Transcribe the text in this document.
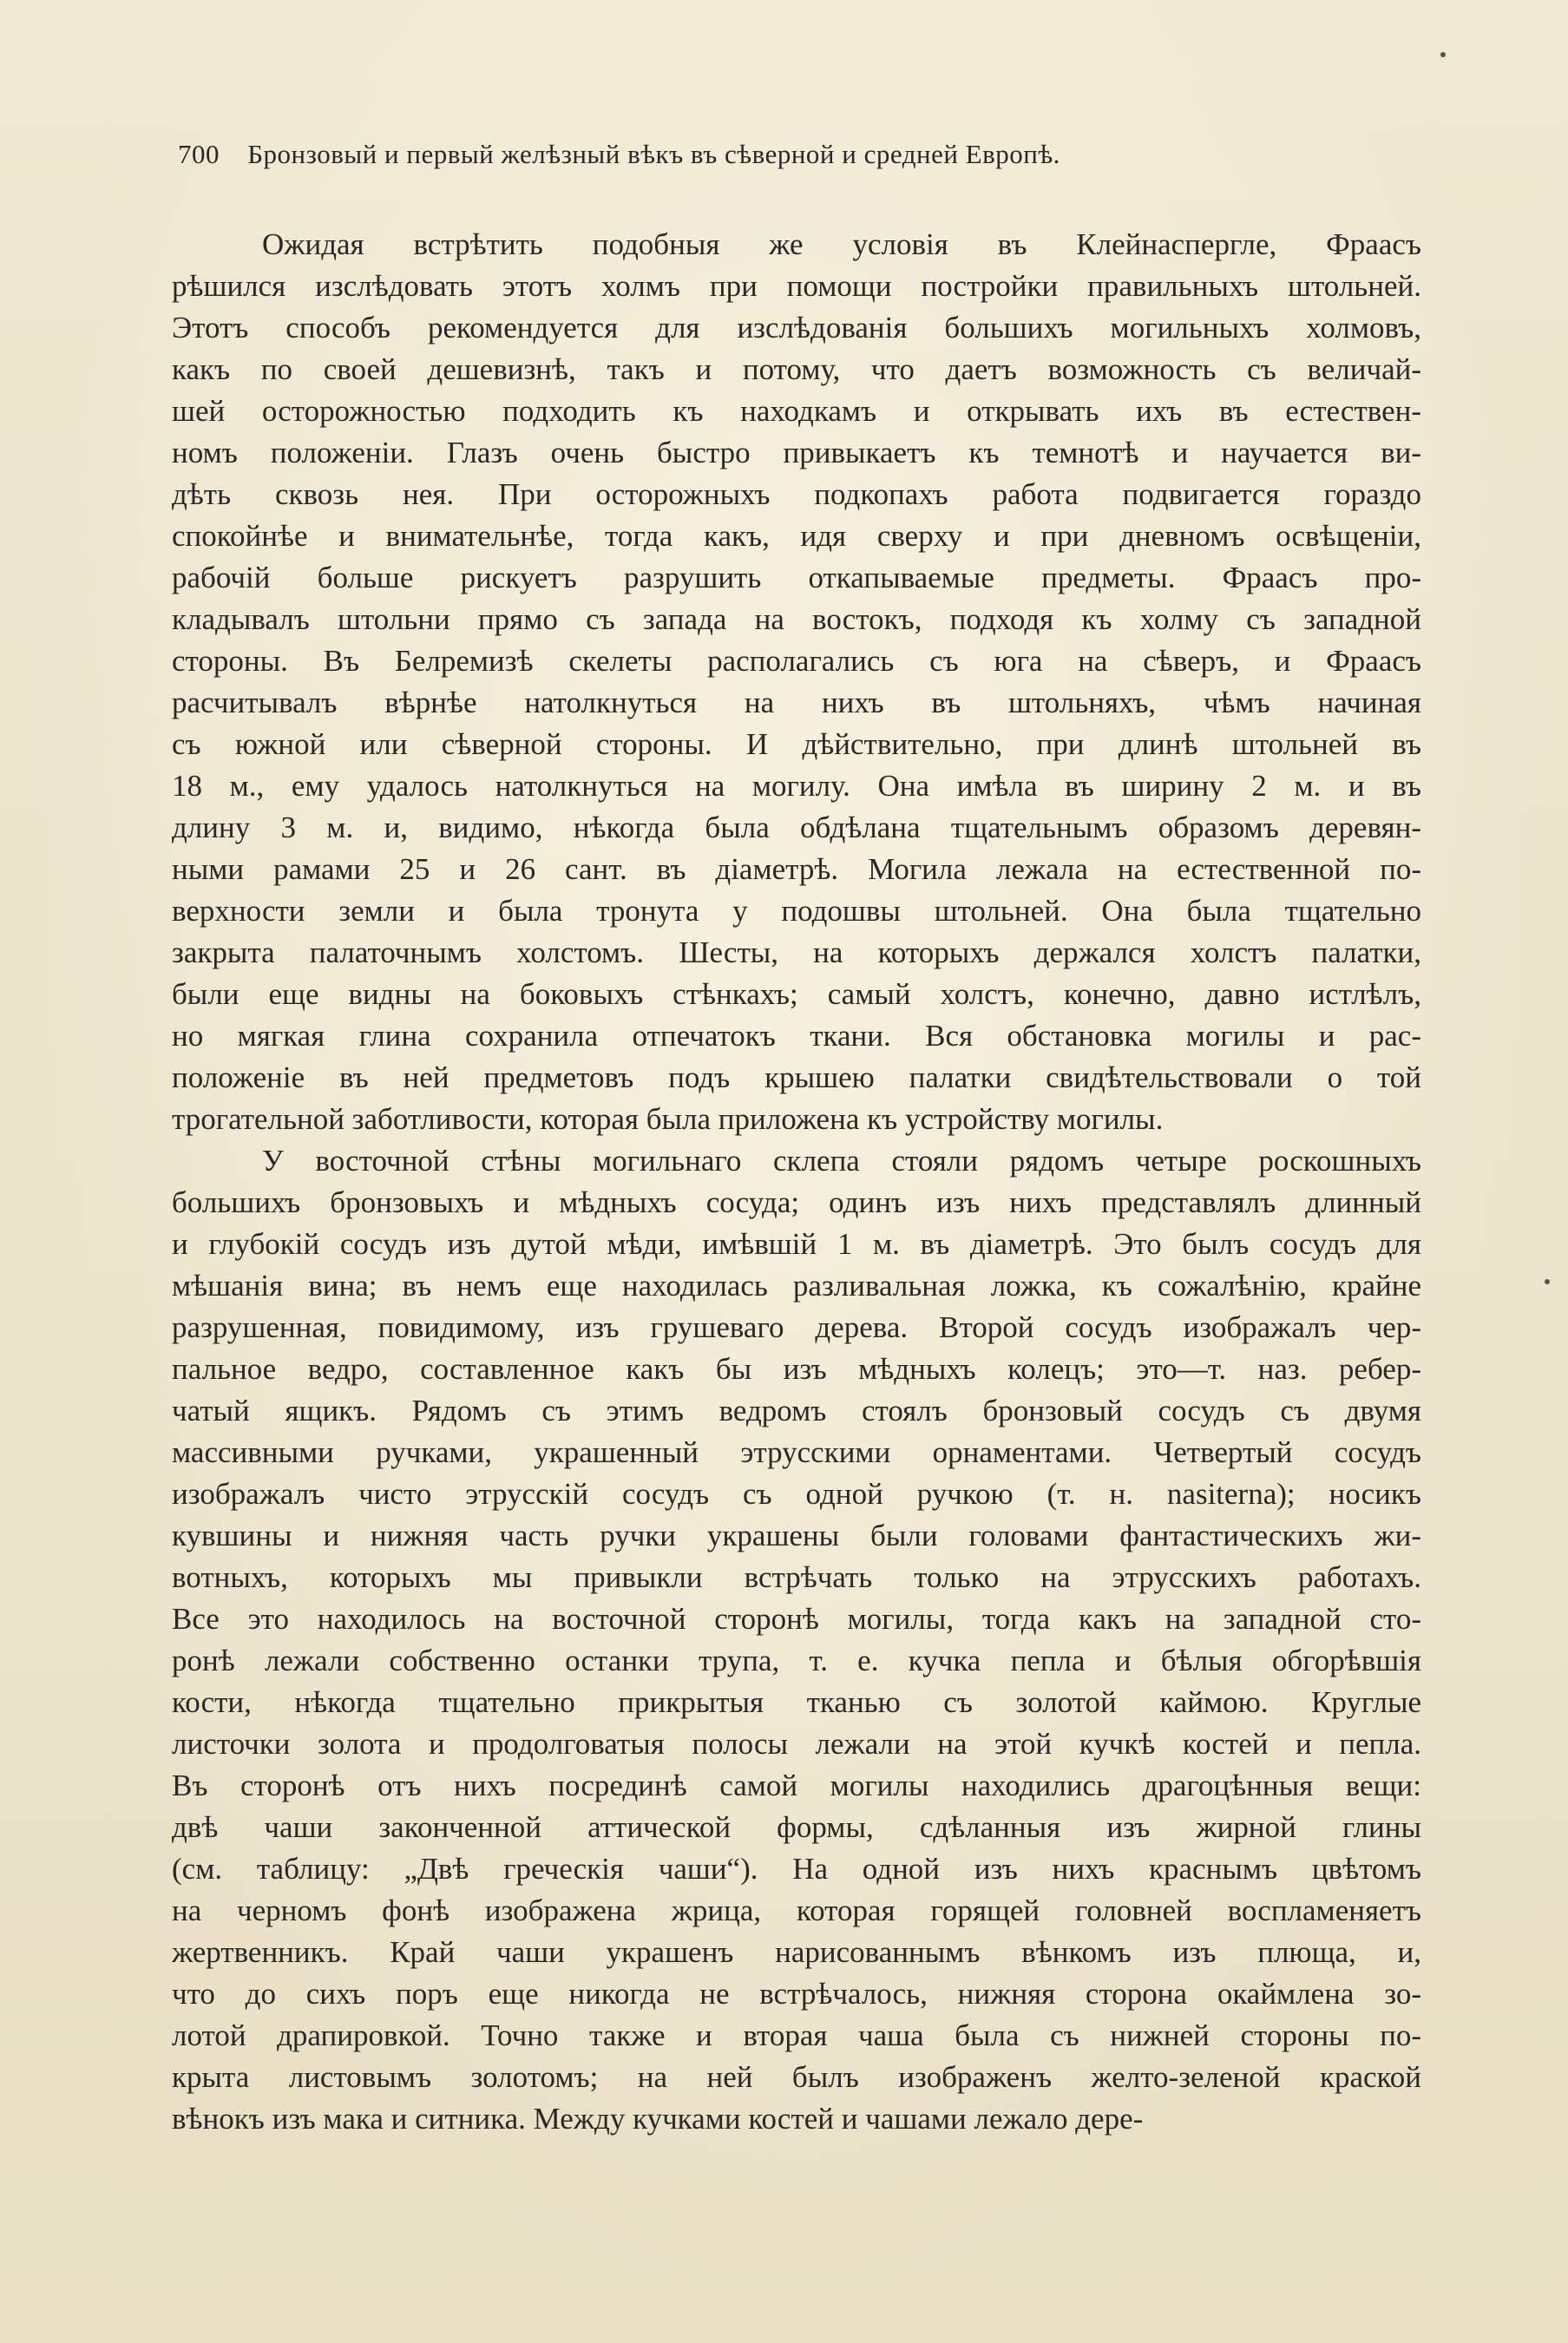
700 Бронзовый и первый желѣзный вѣкъ въ сѣверной и средней Европѣ.
Ожидая встрѣтить подобныя же условія въ Клейнаспергле, Фраасъ
рѣшился изслѣдовать этотъ холмъ при помощи постройки правильныхъ штольней.
Этотъ способъ рекомендуется для изслѣдованія большихъ могильныхъ холмовъ,
какъ по своей дешевизнѣ, такъ и потому, что даетъ возможность съ величай-
шей осторожностью подходить къ находкамъ и открывать ихъ въ естествен-
номъ положеніи. Глазъ очень быстро привыкаетъ къ темнотѣ и научается ви-
дѣть сквозь нея. При осторожныхъ подкопахъ работа подвигается гораздо
спокойнѣе и внимательнѣе, тогда какъ, идя сверху и при дневномъ освѣщеніи,
рабочій больше рискуетъ разрушить откапываемые предметы. Фраасъ про-
кладывалъ штольни прямо съ запада на востокъ, подходя къ холму съ западной
стороны. Въ Белремизѣ скелеты располагались съ юга на сѣверъ, и Фраасъ
расчитывалъ вѣрнѣе натолкнуться на нихъ въ штольняхъ, чѣмъ начиная
съ южной или сѣверной стороны. И дѣйствительно, при длинѣ штольней въ
18 м., ему удалось натолкнуться на могилу. Она имѣла въ ширину 2 м. и въ
длину 3 м. и, видимо, нѣкогда была обдѣлана тщательнымъ образомъ деревян-
ными рамами 25 и 26 сант. въ діаметрѣ. Могила лежала на естественной по-
верхности земли и была тронута у подошвы штольней. Она была тщательно
закрыта палаточнымъ холстомъ. Шесты, на которыхъ держался холстъ палатки,
были еще видны на боковыхъ стѣнкахъ; самый холстъ, конечно, давно истлѣлъ,
но мягкая глина сохранила отпечатокъ ткани. Вся обстановка могилы и рас-
положеніе въ ней предметовъ подъ крышею палатки свидѣтельствовали о той
трогательной заботливости, которая была приложена къ устройству могилы.
У восточной стѣны могильнаго склепа стояли рядомъ четыре роскошныхъ
большихъ бронзовыхъ и мѣдныхъ сосуда; одинъ изъ нихъ представлялъ длинный
и глубокій сосудъ изъ дутой мѣди, имѣвшій 1 м. въ діаметрѣ. Это былъ сосудъ для
мѣшанія вина; въ немъ еще находилась разливальная ложка, къ сожалѣнію, крайне
разрушенная, повидимому, изъ грушеваго дерева. Второй сосудъ изображалъ чер-
пальное ведро, составленное какъ бы изъ мѣдныхъ колецъ; это—т. наз. ребер-
чатый ящикъ. Рядомъ съ этимъ ведромъ стоялъ бронзовый сосудъ съ двумя
массивными ручками, украшенный этрусскими орнаментами. Четвертый сосудъ
изображалъ чисто этрусскій сосудъ съ одной ручкою (т. н. nasiterna); носикъ
кувшины и нижняя часть ручки украшены были головами фантастическихъ жи-
вотныхъ, которыхъ мы привыкли встрѣчать только на этрусскихъ работахъ.
Все это находилось на восточной сторонѣ могилы, тогда какъ на западной сто-
ронѣ лежали собственно останки трупа, т. е. кучка пепла и бѣлыя обгорѣвшія
кости, нѣкогда тщательно прикрытыя тканью съ золотой каймою. Круглые
листочки золота и продолговатыя полосы лежали на этой кучкѣ костей и пепла.
Въ сторонѣ отъ нихъ посрединѣ самой могилы находились драгоцѣнныя вещи:
двѣ чаши законченной аттической формы, сдѣланныя изъ жирной глины
(см. таблицу: „Двѣ греческія чаши“). На одной изъ нихъ краснымъ цвѣтомъ
на черномъ фонѣ изображена жрица, которая горящей головней воспламеняетъ
жертвенникъ. Край чаши украшенъ нарисованнымъ вѣнкомъ изъ плюща, и,
что до сихъ поръ еще никогда не встрѣчалось, нижняя сторона окаймлена зо-
лотой драпировкой. Точно также и вторая чаша была съ нижней стороны по-
крыта листовымъ золотомъ; на ней былъ изображенъ желто-зеленой краской
вѣнокъ изъ мака и ситника. Между кучками костей и чашами лежало дере-
